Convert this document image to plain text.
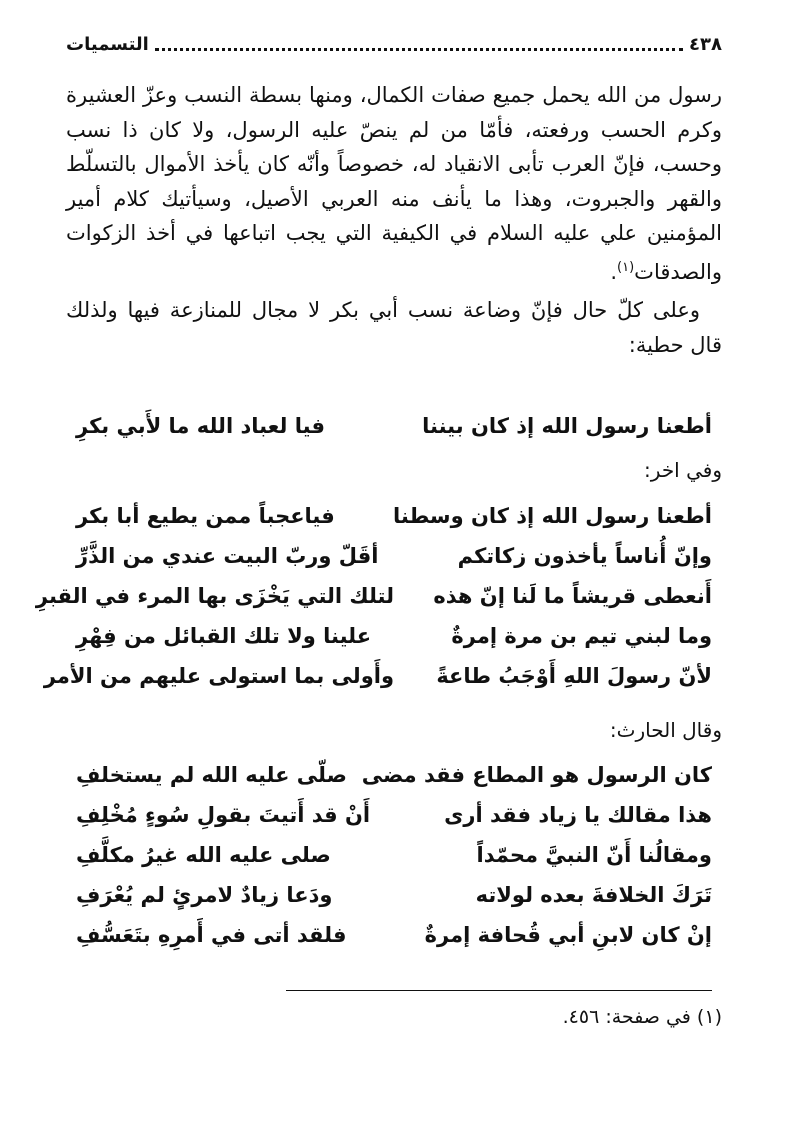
٤٣٨
التسميات

رسول من الله يحمل جميع صفات الكمال، ومنها بسطة النسب وعزّ العشيرة وكرم الحسب ورفعته، فأمّا من لم ينصّ عليه الرسول، ولا كان ذا نسب وحسب، فإنّ العرب تأبى الانقياد له، خصوصاً وأنّه كان يأخذ الأموال بالتسلّط والقهر والجبروت، وهذا ما يأنف منه العربي الأصيل، وسيأتيك كلام أمير المؤمنين علي عليه السلام في الكيفية التي يجب اتباعها في أخذ الزكوات والصدقات$^{(١)}$.

وعلى كلّ حال فإنّ وضاعة نسب أبي بكر لا مجال للمنازعة فيها ولذلك قال حطية:

أطعنا رسول الله إذ كان بيننا
فيا لعباد الله ما لأَبي بكرِ
وفي اخر:
أطعنا رسول الله إذ كان وسطنا
فياعجباً ممن يطيع أبا بكر
وإنّ أُناساً يأخذون زكاتكم
أقَلّ وربّ البيت عندي من الذَّرِّ
أَنعطى قريشاً ما لَنا إنّ هذه
لتلك التي يَخْزَى بها المرء في القبرِ
وما لبني تيم بن مرة إمرةٌ
علينا ولا تلك القبائل من فِهْرِ
لأنّ رسولَ اللهِ أَوْجَبُ طاعةً
وأَولى بما استولى عليهم من الأمر
وقال الحارث:
كان الرسول هو المطاع فقد مضى
صلّى عليه الله لم يستخلفِ
هذا مقالك يا زياد فقد أرى
أَنْ قد أَتيتَ بقولِ سُوءٍ مُخْلِفِ
ومقالُنا أَنّ النبيَّ محمّداً
صلى عليه الله غيرُ مكلَّفِ
تَرَكَ الخلافةَ بعده لولاته
ودَعا زيادٌ لامرئٍ لم يُعْرَفِ
إنْ كان لابنِ أبي قُحافة إمرةٌ
فلقد أتى في أَمرِهِ بتَعَسُّفِ
(١) في صفحة: ٤٥٦.
